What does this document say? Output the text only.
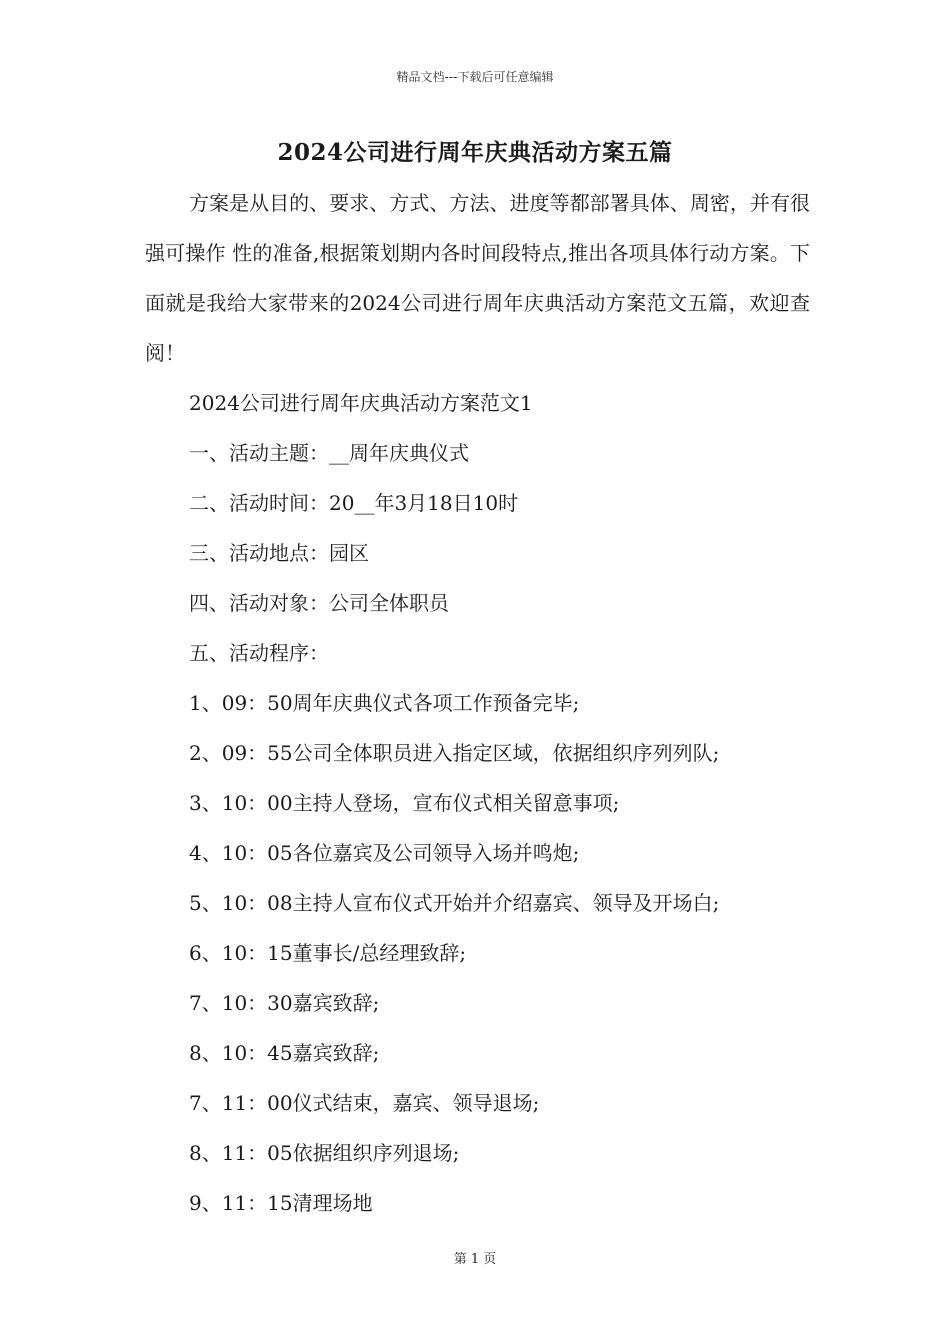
精品文档---下载后可任意编辑
2024公司进行周年庆典活动方案五篇

方案是从目的、要求、方式、方法、进度等都部署具体、周密，并有很强可操作 性的准备,根据策划期内各时间段特点,推出各项具体行动方案。下面就是我给大家带来的2024公司进行周年庆典活动方案范文五篇，欢迎查阅！

2024公司进行周年庆典活动方案范文1
一、活动主题：__周年庆典仪式
二、活动时间：20__年3月18日10时
三、活动地点：园区
四、活动对象：公司全体职员
五、活动程序：
1、09：50周年庆典仪式各项工作预备完毕;
2、09：55公司全体职员进入指定区域，依据组织序列列队;
3、10：00主持人登场，宣布仪式相关留意事项;
4、10：05各位嘉宾及公司领导入场并鸣炮;
5、10：08主持人宣布仪式开始并介绍嘉宾、领导及开场白;
6、10：15董事长/总经理致辞;
7、10：30嘉宾致辞;
8、10：45嘉宾致辞;
7、11：00仪式结束，嘉宾、领导退场;
8、11：05依据组织序列退场;
9、11：15清理场地
第 1 页
